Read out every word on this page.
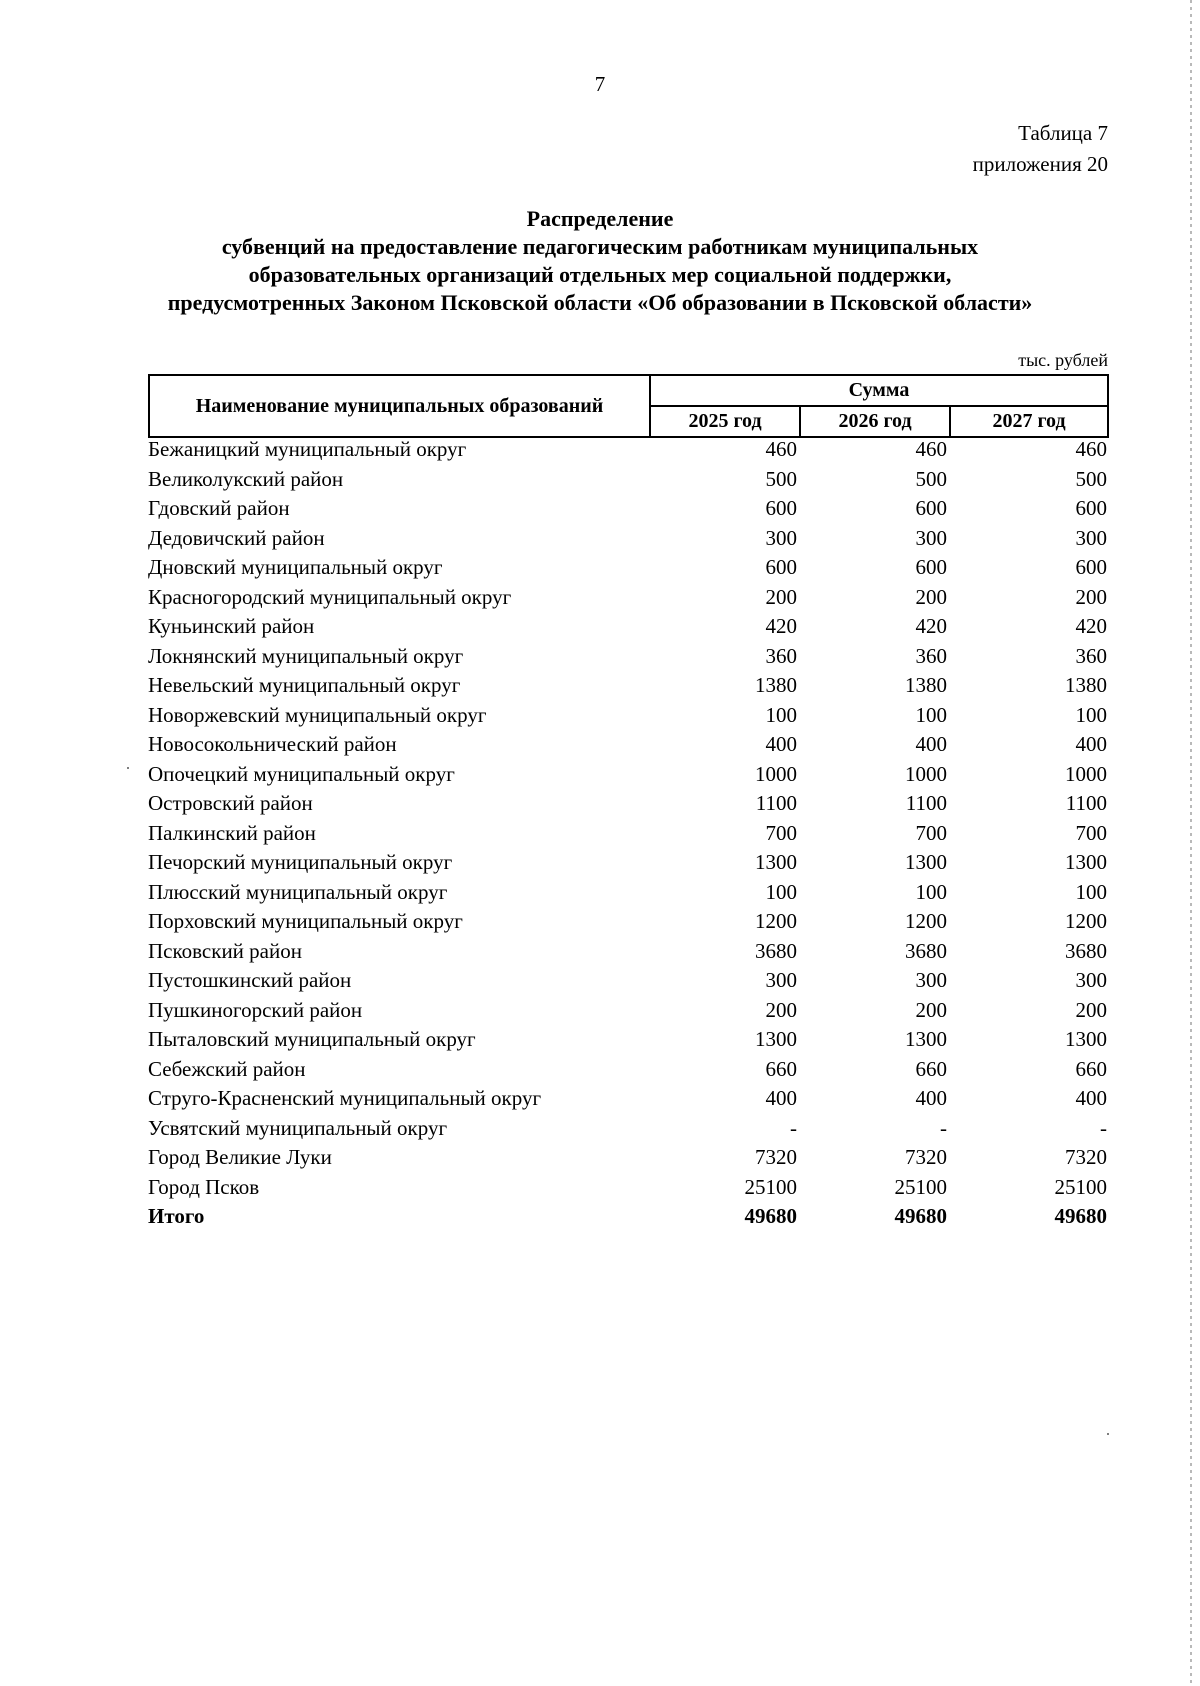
7
Таблица 7
приложения 20
Распределение
субвенций на предоставление педагогическим работникам муниципальных
образовательных организаций отдельных мер социальной поддержки,
предусмотренных Законом Псковской области «Об образовании в Псковской области»
тыс. рублей
Наименование муниципальных образований	Сумма		
	2025 год	2026 год	2027 год
Бежаницкий муниципальный округ	460	460	460
Великолукский район	500	500	500
Гдовский район	600	600	600
Дедовичский район	300	300	300
Дновский муниципальный округ	600	600	600
Красногородский муниципальный округ	200	200	200
Куньинский район	420	420	420
Локнянский муниципальный округ	360	360	360
Невельский муниципальный округ	1380	1380	1380
Новоржевский муниципальный округ	100	100	100
Новосокольнический район	400	400	400
Опочецкий муниципальный округ	1000	1000	1000
Островский район	1100	1100	1100
Палкинский район	700	700	700
Печорский муниципальный округ	1300	1300	1300
Плюсский муниципальный округ	100	100	100
Порховский муниципальный округ	1200	1200	1200
Псковский район	3680	3680	3680
Пустошкинский район	300	300	300
Пушкиногорский район	200	200	200
Пыталовский муниципальный округ	1300	1300	1300
Себежский район	660	660	660
Струго-Красненский муниципальный округ	400	400	400
Усвятский муниципальный округ	-	-	-
Город Великие Луки	7320	7320	7320
Город Псков	25100	25100	25100
Итого	49680	49680	49680
